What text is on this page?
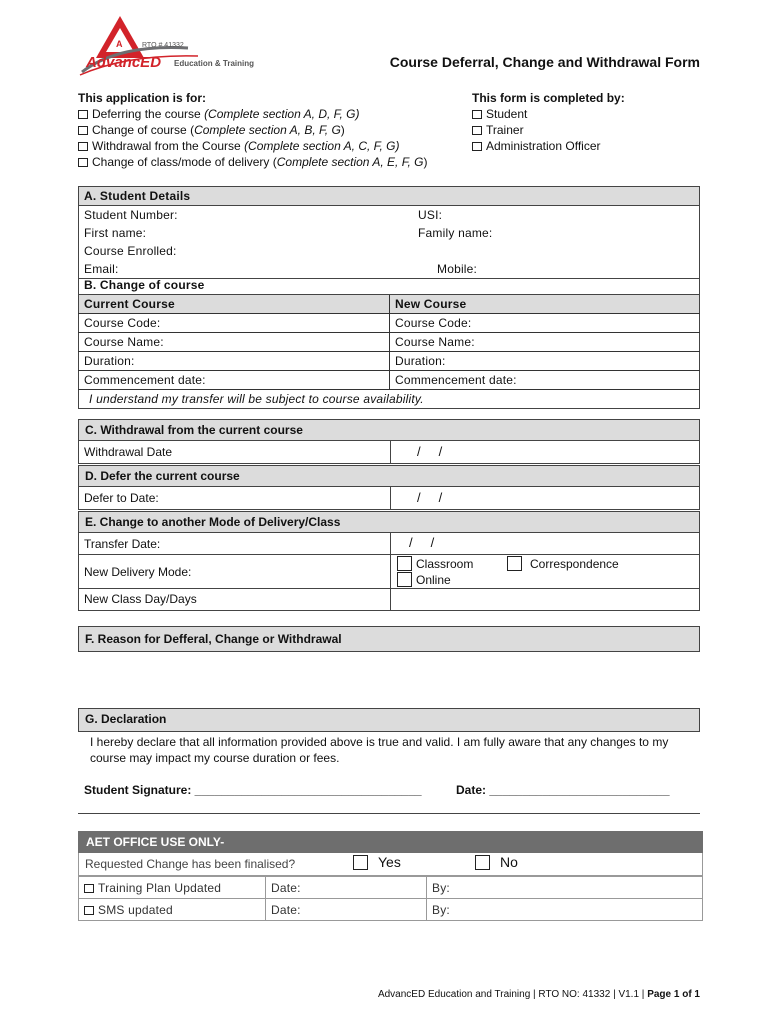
A	RTO # 41332
AdvancED Education & Training	Course Deferral, Change and Withdrawal Form
This application is for:
Deferring the course (Complete section A, D, F, G)
Change of course (Complete section A, B, F, G)
Withdrawal from the Course (Complete section A, C, F, G)
Change of class/mode of delivery (Complete section A, E, F, G)
This form is completed by:
Student
Trainer
Administration Officer
A. Student Details	
Student Number:	USI:
First name:	Family name:
Course Enrolled:	
Email:	Mobile:
B. Change of course	
Current Course	New Course
Course Code:	Course Code:
Course Name:	Course Name:
Duration:	Duration:
Commencement date:	Commencement date:
I understand my transfer will be subject to course availability.	
C. Withdrawal from the current course
Withdrawal Date	/     /
D. Defer the current course
Defer to Date:	/     /
E. Change to another Mode of Delivery/Class
Transfer Date:	/     /
New Delivery Mode:
Classroom
Online
Correspondence
New Class Day/Days
F. Reason for Defferal, Change or Withdrawal
G. Declaration
I hereby declare that all information provided above is true and valid. I am fully aware that any changes to my course may impact my course duration or fees.
Student Signature: __________________________________	Date: ___________________________
AET OFFICE USE ONLY-
Requested Change has been finalised?	Yes	No
Training Plan Updated	Date:	By:
SMS updated	Date:	By:

AdvancED Education and Training | RTO NO: 41332 | V1.1 | Page 1 of 1
